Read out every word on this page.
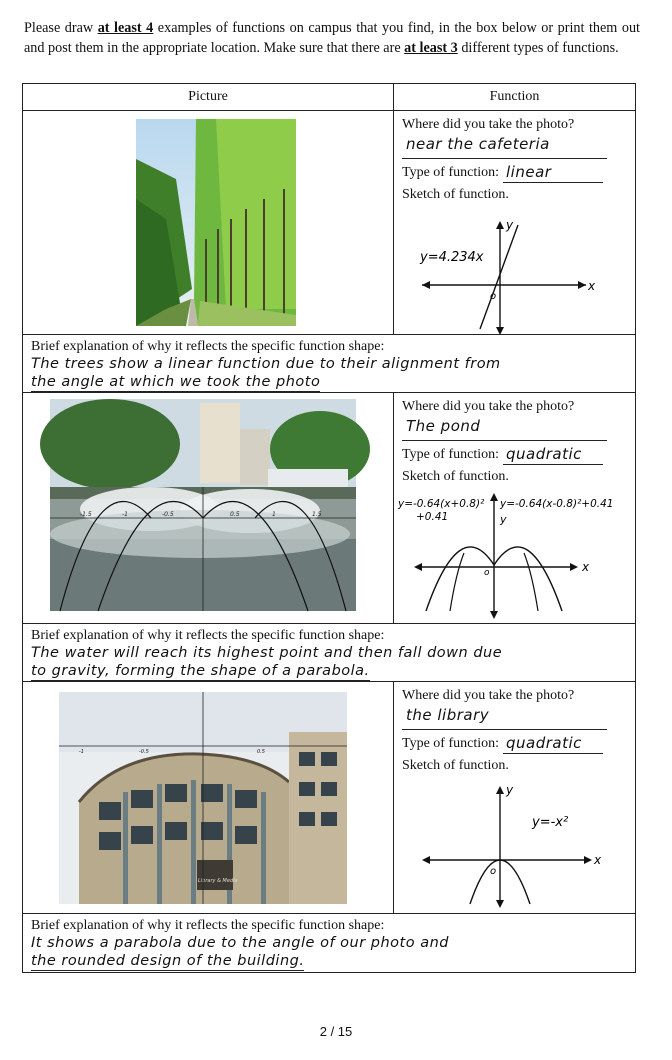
Please draw at least 4 examples of functions on campus that you find, in the box below or print them out and post them in the appropriate location. Make sure that there are at least 3 different types of functions.
Picture	Function
Where did you take the photo?
near the cafeteria
Type of function: linear
Sketch of function.
y=4.234x
x
y
o
Brief explanation of why it reflects the specific function shape:
The trees show a linear function due to their alignment from
the angle at which we took the photo
-1.5	-1	-0.5	0.5	1	1.5
Where did you take the photo?
The pond
Type of function: quadratic
Sketch of function.
y=-0.64(x+0.8)²
+0.41
y=-0.64(x-0.8)²+0.41
x
y
o
Brief explanation of why it reflects the specific function shape:
The water will reach its highest point and then fall down due
to gravity, forming the shape of a parabola.
Library & Media
-1	-0.5	0.5
Where did you take the photo?
the library
Type of function: quadratic
Sketch of function.
y=-x²
x
y
o
Brief explanation of why it reflects the specific function shape:
It shows a parabola due to the angle of our photo and
the rounded design of the building.
2 / 15
